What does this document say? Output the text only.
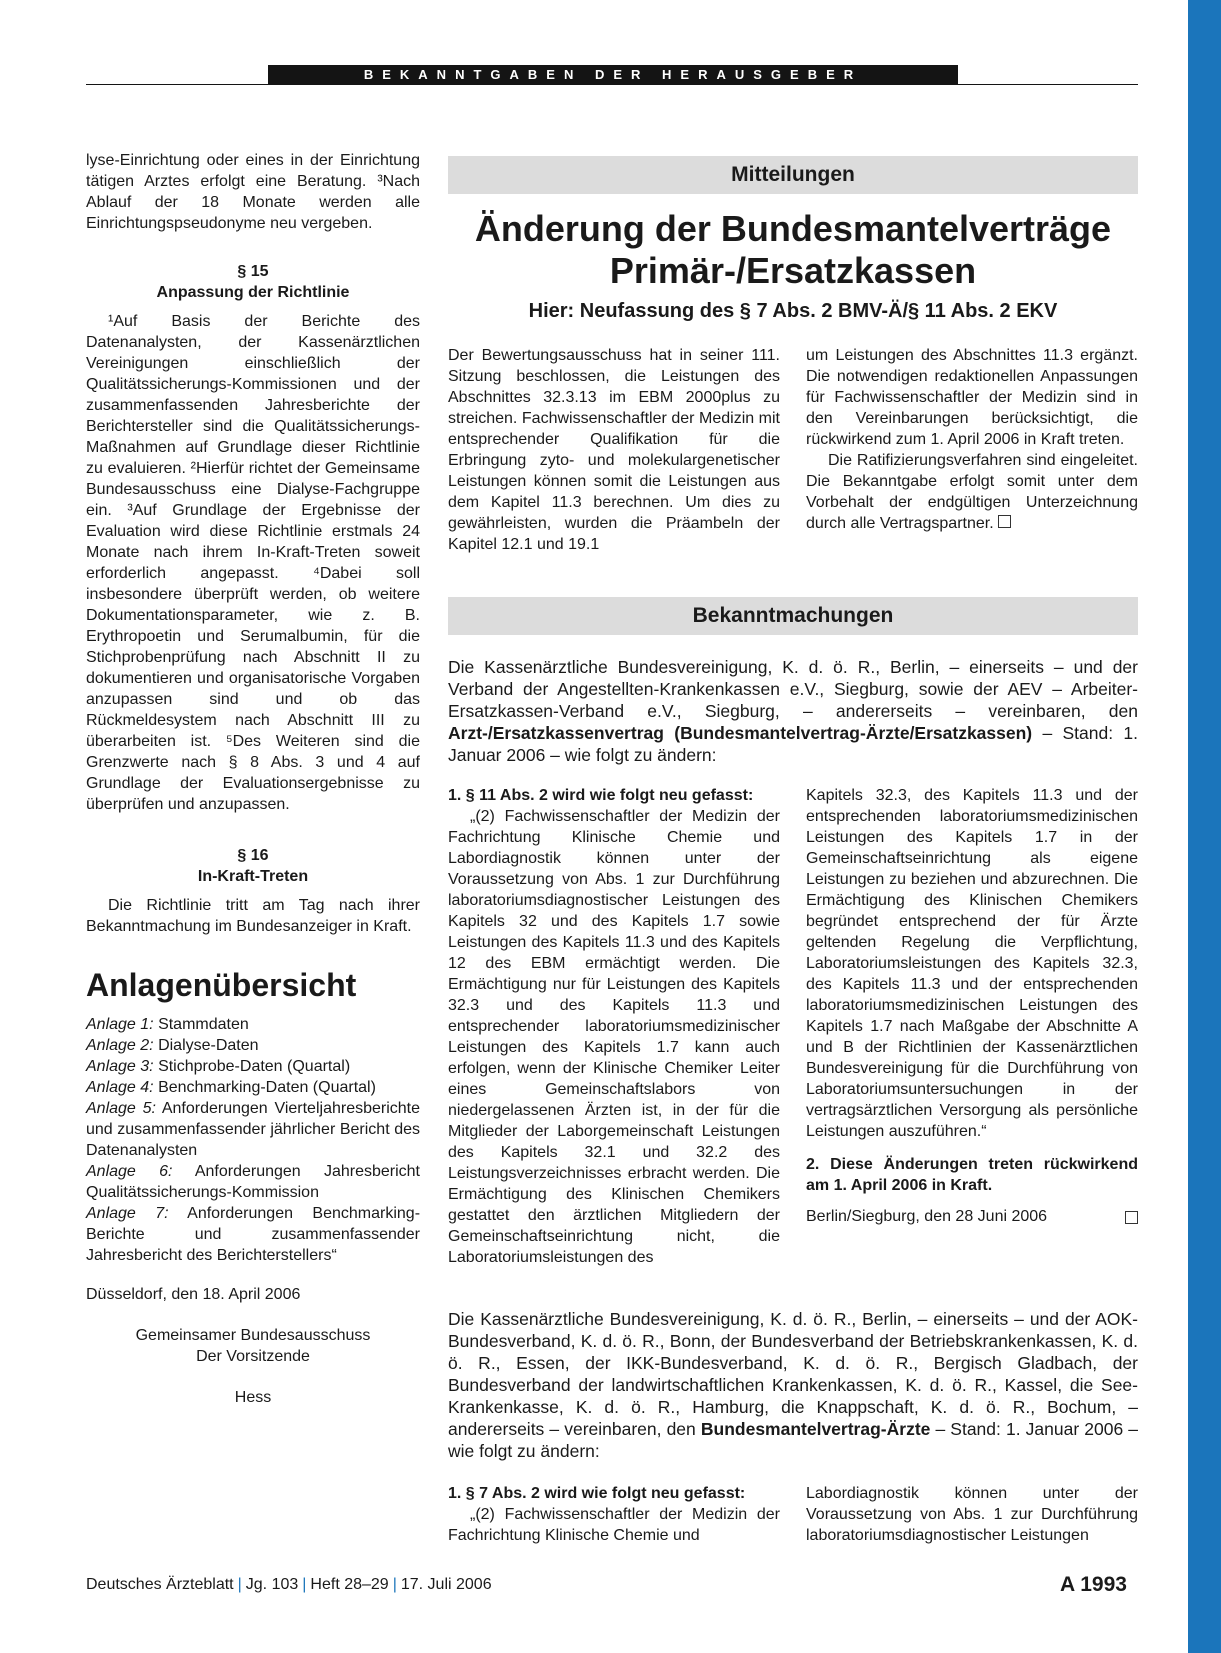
BEKANNTGABEN DER HERAUSGEBER

lyse-Einrichtung oder eines in der Einrichtung tätigen Arztes erfolgt eine Beratung. ³Nach Ablauf der 18 Monate werden alle Einrichtungspseudonyme neu vergeben.

§ 15
Anpassung der Richtlinie

¹Auf Basis der Berichte des Datenanalysten, der Kassenärztlichen Vereinigungen einschließlich der Qualitätssicherungs-Kommissionen und der zusammenfassenden Jahresberichte der Berichtersteller sind die Qualitätssicherungs-Maßnahmen auf Grundlage dieser Richtlinie zu evaluieren. ²Hierfür richtet der Gemeinsame Bundesausschuss eine Dialyse-Fachgruppe ein. ³Auf Grundlage der Ergebnisse der Evaluation wird diese Richtlinie erstmals 24 Monate nach ihrem In-Kraft-Treten soweit erforderlich angepasst. ⁴Dabei soll insbesondere überprüft werden, ob weitere Dokumentationsparameter, wie z. B. Erythropoetin und Serumalbumin, für die Stichprobenprüfung nach Abschnitt II zu dokumentieren und organisatorische Vorgaben anzupassen sind und ob das Rückmeldesystem nach Abschnitt III zu überarbeiten ist. ⁵Des Weiteren sind die Grenzwerte nach § 8 Abs. 3 und 4 auf Grundlage der Evaluationsergebnisse zu überprüfen und anzupassen.

§ 16
In-Kraft-Treten

Die Richtlinie tritt am Tag nach ihrer Bekanntmachung im Bundesanzeiger in Kraft.

Anlagenübersicht

Anlage 1: Stammdaten

Anlage 2: Dialyse-Daten

Anlage 3: Stichprobe-Daten (Quartal)

Anlage 4: Benchmarking-Daten (Quartal)

Anlage 5: Anforderungen Vierteljahresberichte und zusammenfassender jährlicher Bericht des Datenanalysten

Anlage 6: Anforderungen Jahresbericht Qualitätssicherungs-Kommission

Anlage 7: Anforderungen Benchmarking-Berichte und zusammenfassender Jahresbericht des Berichterstellers“

Düsseldorf, den 18. April 2006

Gemeinsamer Bundesausschuss
Der Vorsitzende
Hess
Mitteilungen
Änderung der Bundesmantelverträge
Primär-/Ersatzkassen
Hier: Neufassung des § 7 Abs. 2 BMV-Ä/§ 11 Abs. 2 EKV

Der Bewertungsausschuss hat in seiner 111. Sitzung beschlossen, die Leistungen des Abschnittes 32.3.13 im EBM 2000plus zu streichen. Fachwissenschaftler der Medizin mit entsprechender Qualifikation für die Erbringung zyto- und molekulargenetischer Leistungen können somit die Leistungen aus dem Kapitel 11.3 berechnen. Um dies zu gewährleisten, wurden die Präambeln der Kapitel 12.1 und 19.1

um Leistungen des Abschnittes 11.3 ergänzt. Die notwendigen redaktionellen Anpassungen für Fachwissenschaftler der Medizin sind in den Vereinbarungen berücksichtigt, die rückwirkend zum 1. April 2006 in Kraft treten.

Die Ratifizierungsverfahren sind eingeleitet. Die Bekanntgabe erfolgt somit unter dem Vorbehalt der endgültigen Unterzeichnung durch alle Vertragspartner.

Bekanntmachungen
Die Kassenärztliche Bundesvereinigung, K. d. ö. R., Berlin, – einerseits – und der Verband der Angestellten-Krankenkassen e.V., Siegburg, sowie der AEV – Arbeiter-Ersatzkassen-Verband e.V., Siegburg, – andererseits – vereinbaren, den Arzt-/Ersatzkassenvertrag (Bundesmantelvertrag-Ärzte/Ersatzkassen) – Stand: 1. Januar 2006 – wie folgt zu ändern:

1. § 11 Abs. 2 wird wie folgt neu gefasst:

„(2) Fachwissenschaftler der Medizin der Fachrichtung Klinische Chemie und Labordiagnostik können unter der Voraussetzung von Abs. 1 zur Durchführung laboratoriumsdiagnostischer Leistungen des Kapitels 32 und des Kapitels 1.7 sowie Leistungen des Kapitels 11.3 und des Kapitels 12 des EBM ermächtigt werden. Die Ermächtigung nur für Leistungen des Kapitels 32.3 und des Kapitels 11.3 und entsprechender laboratoriumsmedizinischer Leistungen des Kapitels 1.7 kann auch erfolgen, wenn der Klinische Chemiker Leiter eines Gemeinschaftslabors von niedergelassenen Ärzten ist, in der für die Mitglieder der Laborgemeinschaft Leistungen des Kapitels 32.1 und 32.2 des Leistungsverzeichnisses erbracht werden. Die Ermächtigung des Klinischen Chemikers gestattet den ärztlichen Mitgliedern der Gemeinschaftseinrichtung nicht, die Laboratoriumsleistungen des

Kapitels 32.3, des Kapitels 11.3 und der entsprechenden laboratoriumsmedizinischen Leistungen des Kapitels 1.7 in der Gemeinschaftseinrichtung als eigene Leistungen zu beziehen und abzurechnen. Die Ermächtigung des Klinischen Chemikers begründet entsprechend der für Ärzte geltenden Regelung die Verpflichtung, Laboratoriumsleistungen des Kapitels 32.3, des Kapitels 11.3 und der entsprechenden laboratoriumsmedizinischen Leistungen des Kapitels 1.7 nach Maßgabe der Abschnitte A und B der Richtlinien der Kassenärztlichen Bundesvereinigung für die Durchführung von Laboratoriumsuntersuchungen in der vertragsärztlichen Versorgung als persönliche Leistungen auszuführen.“

2. Diese Änderungen treten rückwirkend am 1. April 2006 in Kraft.

Berlin/Siegburg, den 28 Juni 2006

Die Kassenärztliche Bundesvereinigung, K. d. ö. R., Berlin, – einerseits – und der AOK-Bundesverband, K. d. ö. R., Bonn, der Bundesverband der Betriebskrankenkassen, K. d. ö. R., Essen, der IKK-Bundesverband, K. d. ö. R., Bergisch Gladbach, der Bundesverband der landwirtschaftlichen Krankenkassen, K. d. ö. R., Kassel, die See-Krankenkasse, K. d. ö. R., Hamburg, die Knappschaft, K. d. ö. R., Bochum, – andererseits – vereinbaren, den Bundesmantelvertrag-Ärzte – Stand: 1. Januar 2006 – wie folgt zu ändern:

1. § 7 Abs. 2 wird wie folgt neu gefasst:

„(2) Fachwissenschaftler der Medizin der Fachrichtung Klinische Chemie und

Labordiagnostik können unter der Voraussetzung von Abs. 1 zur Durchführung laboratoriumsdiagnostischer Leistungen

Deutsches Ärzteblatt | Jg. 103 | Heft 28–29 | 17. Juli 2006	A 1993
